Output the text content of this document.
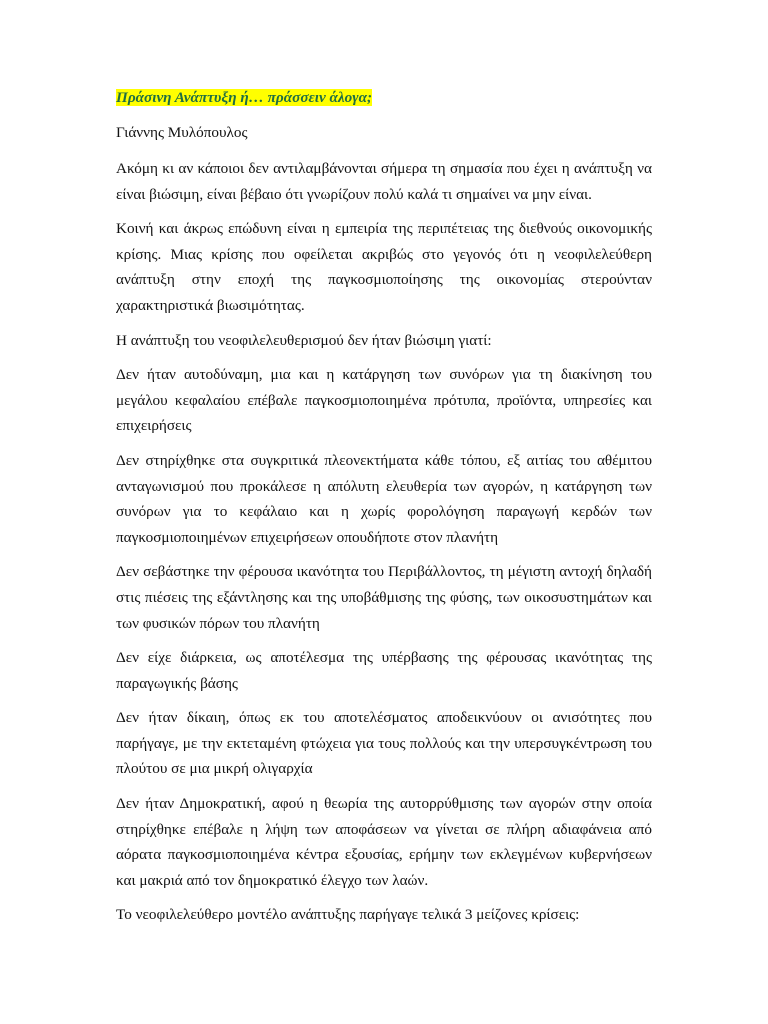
Πράσινη Ανάπτυξη ή… πράσσειν άλογα;
Γιάννης Μυλόπουλος

Ακόμη κι αν κάποιοι δεν αντιλαμβάνονται σήμερα τη σημασία που έχει η ανάπτυξη να είναι βιώσιμη, είναι βέβαιο ότι γνωρίζουν πολύ καλά τι σημαίνει να μην είναι.

Κοινή και άκρως επώδυνη είναι η εμπειρία της περιπέτειας της διεθνούς οικονομικής κρίσης. Μιας κρίσης που οφείλεται ακριβώς στο γεγονός ότι η νεοφιλελεύθερη ανάπτυξη στην εποχή της παγκοσμιοποίησης της οικονομίας στερούνταν χαρακτηριστικά βιωσιμότητας.

Η ανάπτυξη του νεοφιλελευθερισμού δεν ήταν βιώσιμη γιατί:

Δεν ήταν αυτοδύναμη, μια και η κατάργηση των συνόρων για τη διακίνηση του μεγάλου κεφαλαίου επέβαλε παγκοσμιοποιημένα πρότυπα, προϊόντα, υπηρεσίες και επιχειρήσεις

Δεν στηρίχθηκε στα συγκριτικά πλεονεκτήματα κάθε τόπου, εξ αιτίας του αθέμιτου ανταγωνισμού που προκάλεσε η απόλυτη ελευθερία των αγορών, η κατάργηση των συνόρων για το κεφάλαιο και η χωρίς φορολόγηση παραγωγή κερδών των παγκοσμιοποιημένων επιχειρήσεων οπουδήποτε στον πλανήτη

Δεν σεβάστηκε την φέρουσα ικανότητα του Περιβάλλοντος, τη μέγιστη αντοχή δηλαδή στις πιέσεις της εξάντλησης και της υποβάθμισης της φύσης, των οικοσυστημάτων και των φυσικών πόρων του πλανήτη

Δεν είχε διάρκεια, ως αποτέλεσμα της υπέρβασης της φέρουσας ικανότητας της παραγωγικής βάσης

Δεν ήταν δίκαιη, όπως εκ του αποτελέσματος αποδεικνύουν οι ανισότητες που παρήγαγε, με την εκτεταμένη φτώχεια για τους πολλούς και την υπερσυγκέντρωση του πλούτου σε μια μικρή ολιγαρχία

Δεν ήταν Δημοκρατική, αφού η θεωρία της αυτορρύθμισης των αγορών στην οποία στηρίχθηκε επέβαλε η λήψη των αποφάσεων να γίνεται σε πλήρη αδιαφάνεια από αόρατα παγκοσμιοποιημένα κέντρα εξουσίας, ερήμην των εκλεγμένων κυβερνήσεων και μακριά από τον δημοκρατικό έλεγχο των λαών.

Το νεοφιλελεύθερο μοντέλο ανάπτυξης παρήγαγε τελικά 3 μείζονες κρίσεις:
